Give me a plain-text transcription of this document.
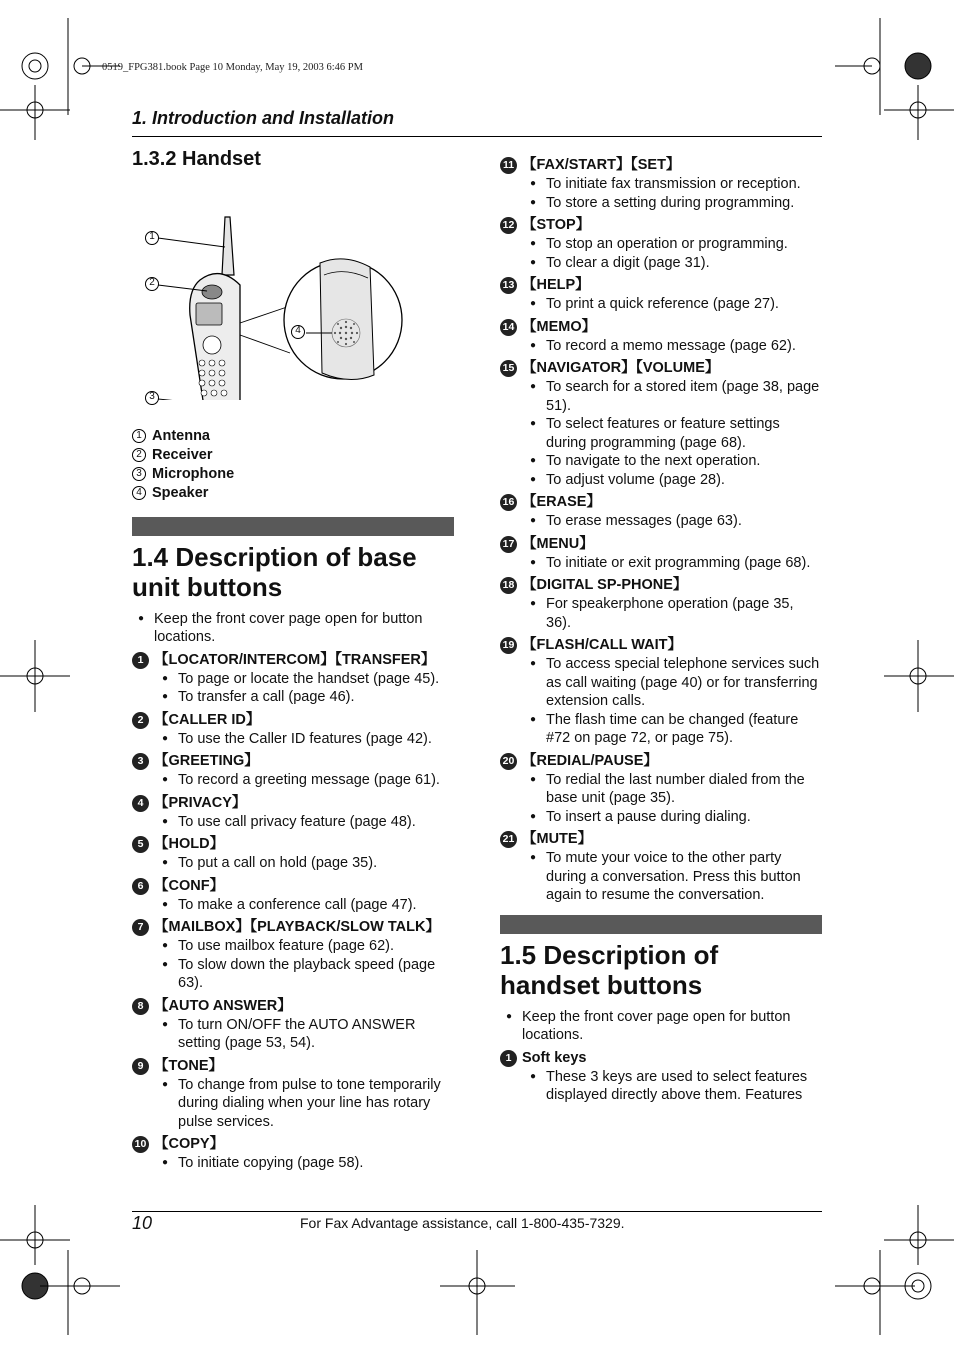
0519_FPG381.book Page 10 Monday, May 19, 2003 6:46 PM
1. Introduction and Installation
1.3.2 Handset
1
2
3
4
1 Antenna
2 Receiver
3 Microphone
4 Speaker
1.4 Description of base unit buttons
● Keep the front cover page open for button locations.
1 【LOCATOR/INTERCOM】【TRANSFER】
● To page or locate the handset (page 45).
● To transfer a call (page 46).
2 【CALLER ID】
● To use the Caller ID features (page 42).
3 【GREETING】
● To record a greeting message (page 61).
4 【PRIVACY】
● To use call privacy feature (page 48).
5 【HOLD】
● To put a call on hold (page 35).
6 【CONF】
● To make a conference call (page 47).
7 【MAILBOX】【PLAYBACK/SLOW TALK】
● To use mailbox feature (page 62).
● To slow down the playback speed (page 63).
8 【AUTO ANSWER】
● To turn ON/OFF the AUTO ANSWER setting (page 53, 54).
9 【TONE】
● To change from pulse to tone temporarily during dialing when your line has rotary pulse services.
10 【COPY】
● To initiate copying (page 58).
11 【FAX/START】【SET】
● To initiate fax transmission or reception.
● To store a setting during programming.
12 【STOP】
● To stop an operation or programming.
● To clear a digit (page 31).
13 【HELP】
● To print a quick reference (page 27).
14 【MEMO】
● To record a memo message (page 62).
15 【NAVIGATOR】【VOLUME】
● To search for a stored item (page 38, page 51).
● To select features or feature settings during programming (page 68).
● To navigate to the next operation.
● To adjust volume (page 28).
16 【ERASE】
● To erase messages (page 63).
17 【MENU】
● To initiate or exit programming (page 68).
18 【DIGITAL SP-PHONE】
● For speakerphone operation (page 35, 36).
19 【FLASH/CALL WAIT】
● To access special telephone services such as call waiting (page 40) or for transferring extension calls.
● The flash time can be changed (feature #72 on page 72, or page 75).
20 【REDIAL/PAUSE】
● To redial the last number dialed from the base unit (page 35).
● To insert a pause during dialing.
21 【MUTE】
● To mute your voice to the other party during a conversation. Press this button again to resume the conversation.
1.5 Description of handset buttons
● Keep the front cover page open for button locations.
1 Soft keys
● These 3 keys are used to select features displayed directly above them. Features
10	For Fax Advantage assistance, call 1-800-435-7329.
